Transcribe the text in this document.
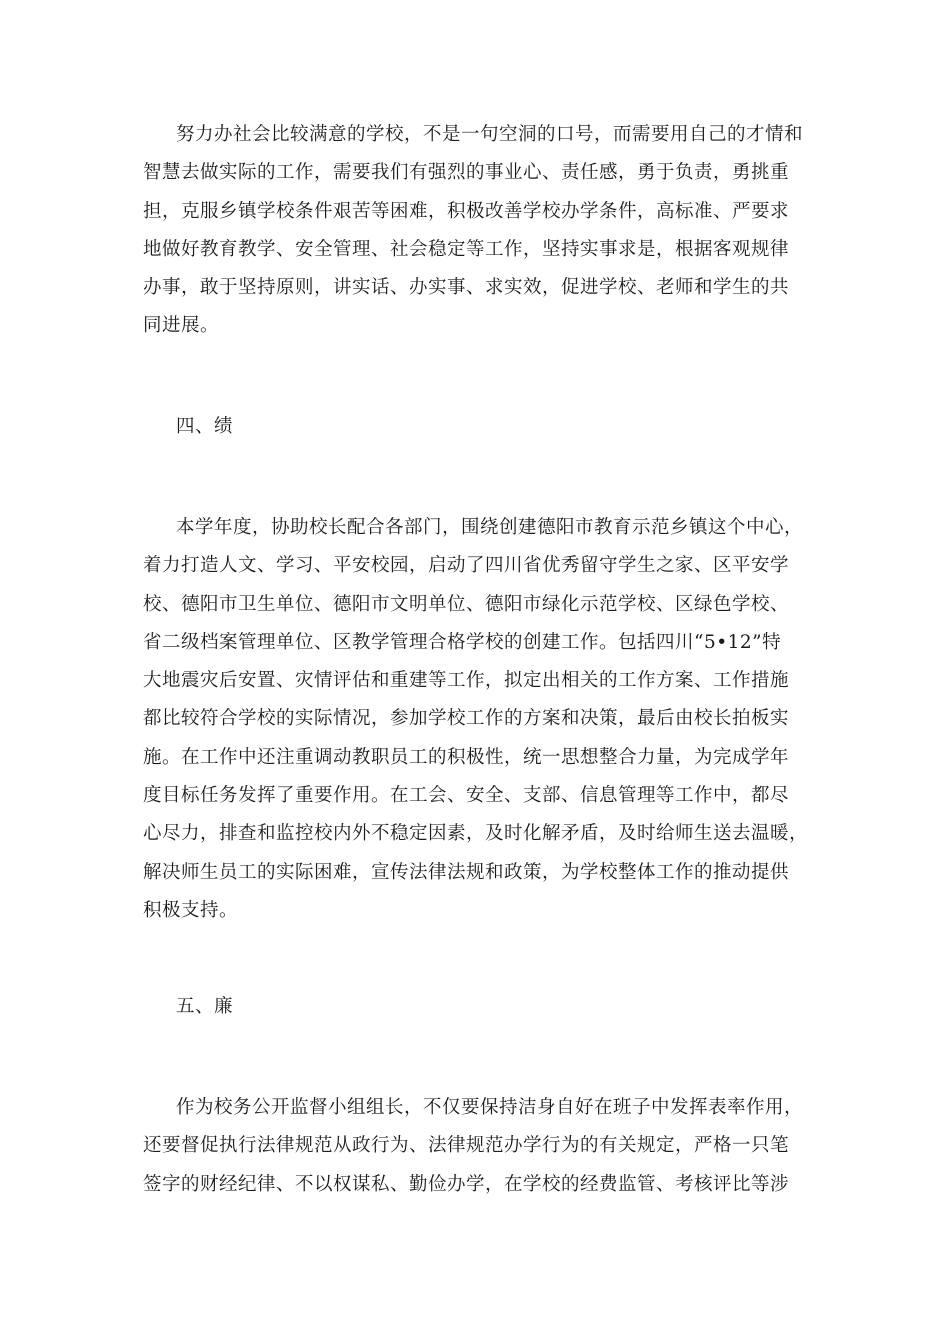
努力办社会比较满意的学校，不是一句空洞的口号，而需要用自己的才情和
智慧去做实际的工作，需要我们有强烈的事业心、责任感，勇于负责，勇挑重
担，克服乡镇学校条件艰苦等困难，积极改善学校办学条件，高标准、严要求
地做好教育教学、安全管理、社会稳定等工作，坚持实事求是，根据客观规律
办事，敢于坚持原则，讲实话、办实事、求实效，促进学校、老师和学生的共
同进展。
四、绩
本学年度，协助校长配合各部门，围绕创建德阳市教育示范乡镇这个中心，
着力打造人文、学习、平安校园，启动了四川省优秀留守学生之家、区平安学
校、德阳市卫生单位、德阳市文明单位、德阳市绿化示范学校、区绿色学校、
省二级档案管理单位、区教学管理合格学校的创建工作。包括四川“5•12”特
大地震灾后安置、灾情评估和重建等工作，拟定出相关的工作方案、工作措施
都比较符合学校的实际情况，参加学校工作的方案和决策，最后由校长拍板实
施。在工作中还注重调动教职员工的积极性，统一思想整合力量，为完成学年
度目标任务发挥了重要作用。在工会、安全、支部、信息管理等工作中，都尽
心尽力，排查和监控校内外不稳定因素，及时化解矛盾，及时给师生送去温暖，
解决师生员工的实际困难，宣传法律法规和政策，为学校整体工作的推动提供
积极支持。
五、廉
作为校务公开监督小组组长，不仅要保持洁身自好在班子中发挥表率作用，
还要督促执行法律规范从政行为、法律规范办学行为的有关规定，严格一只笔
签字的财经纪律、不以权谋私、勤俭办学，在学校的经费监管、考核评比等涉
